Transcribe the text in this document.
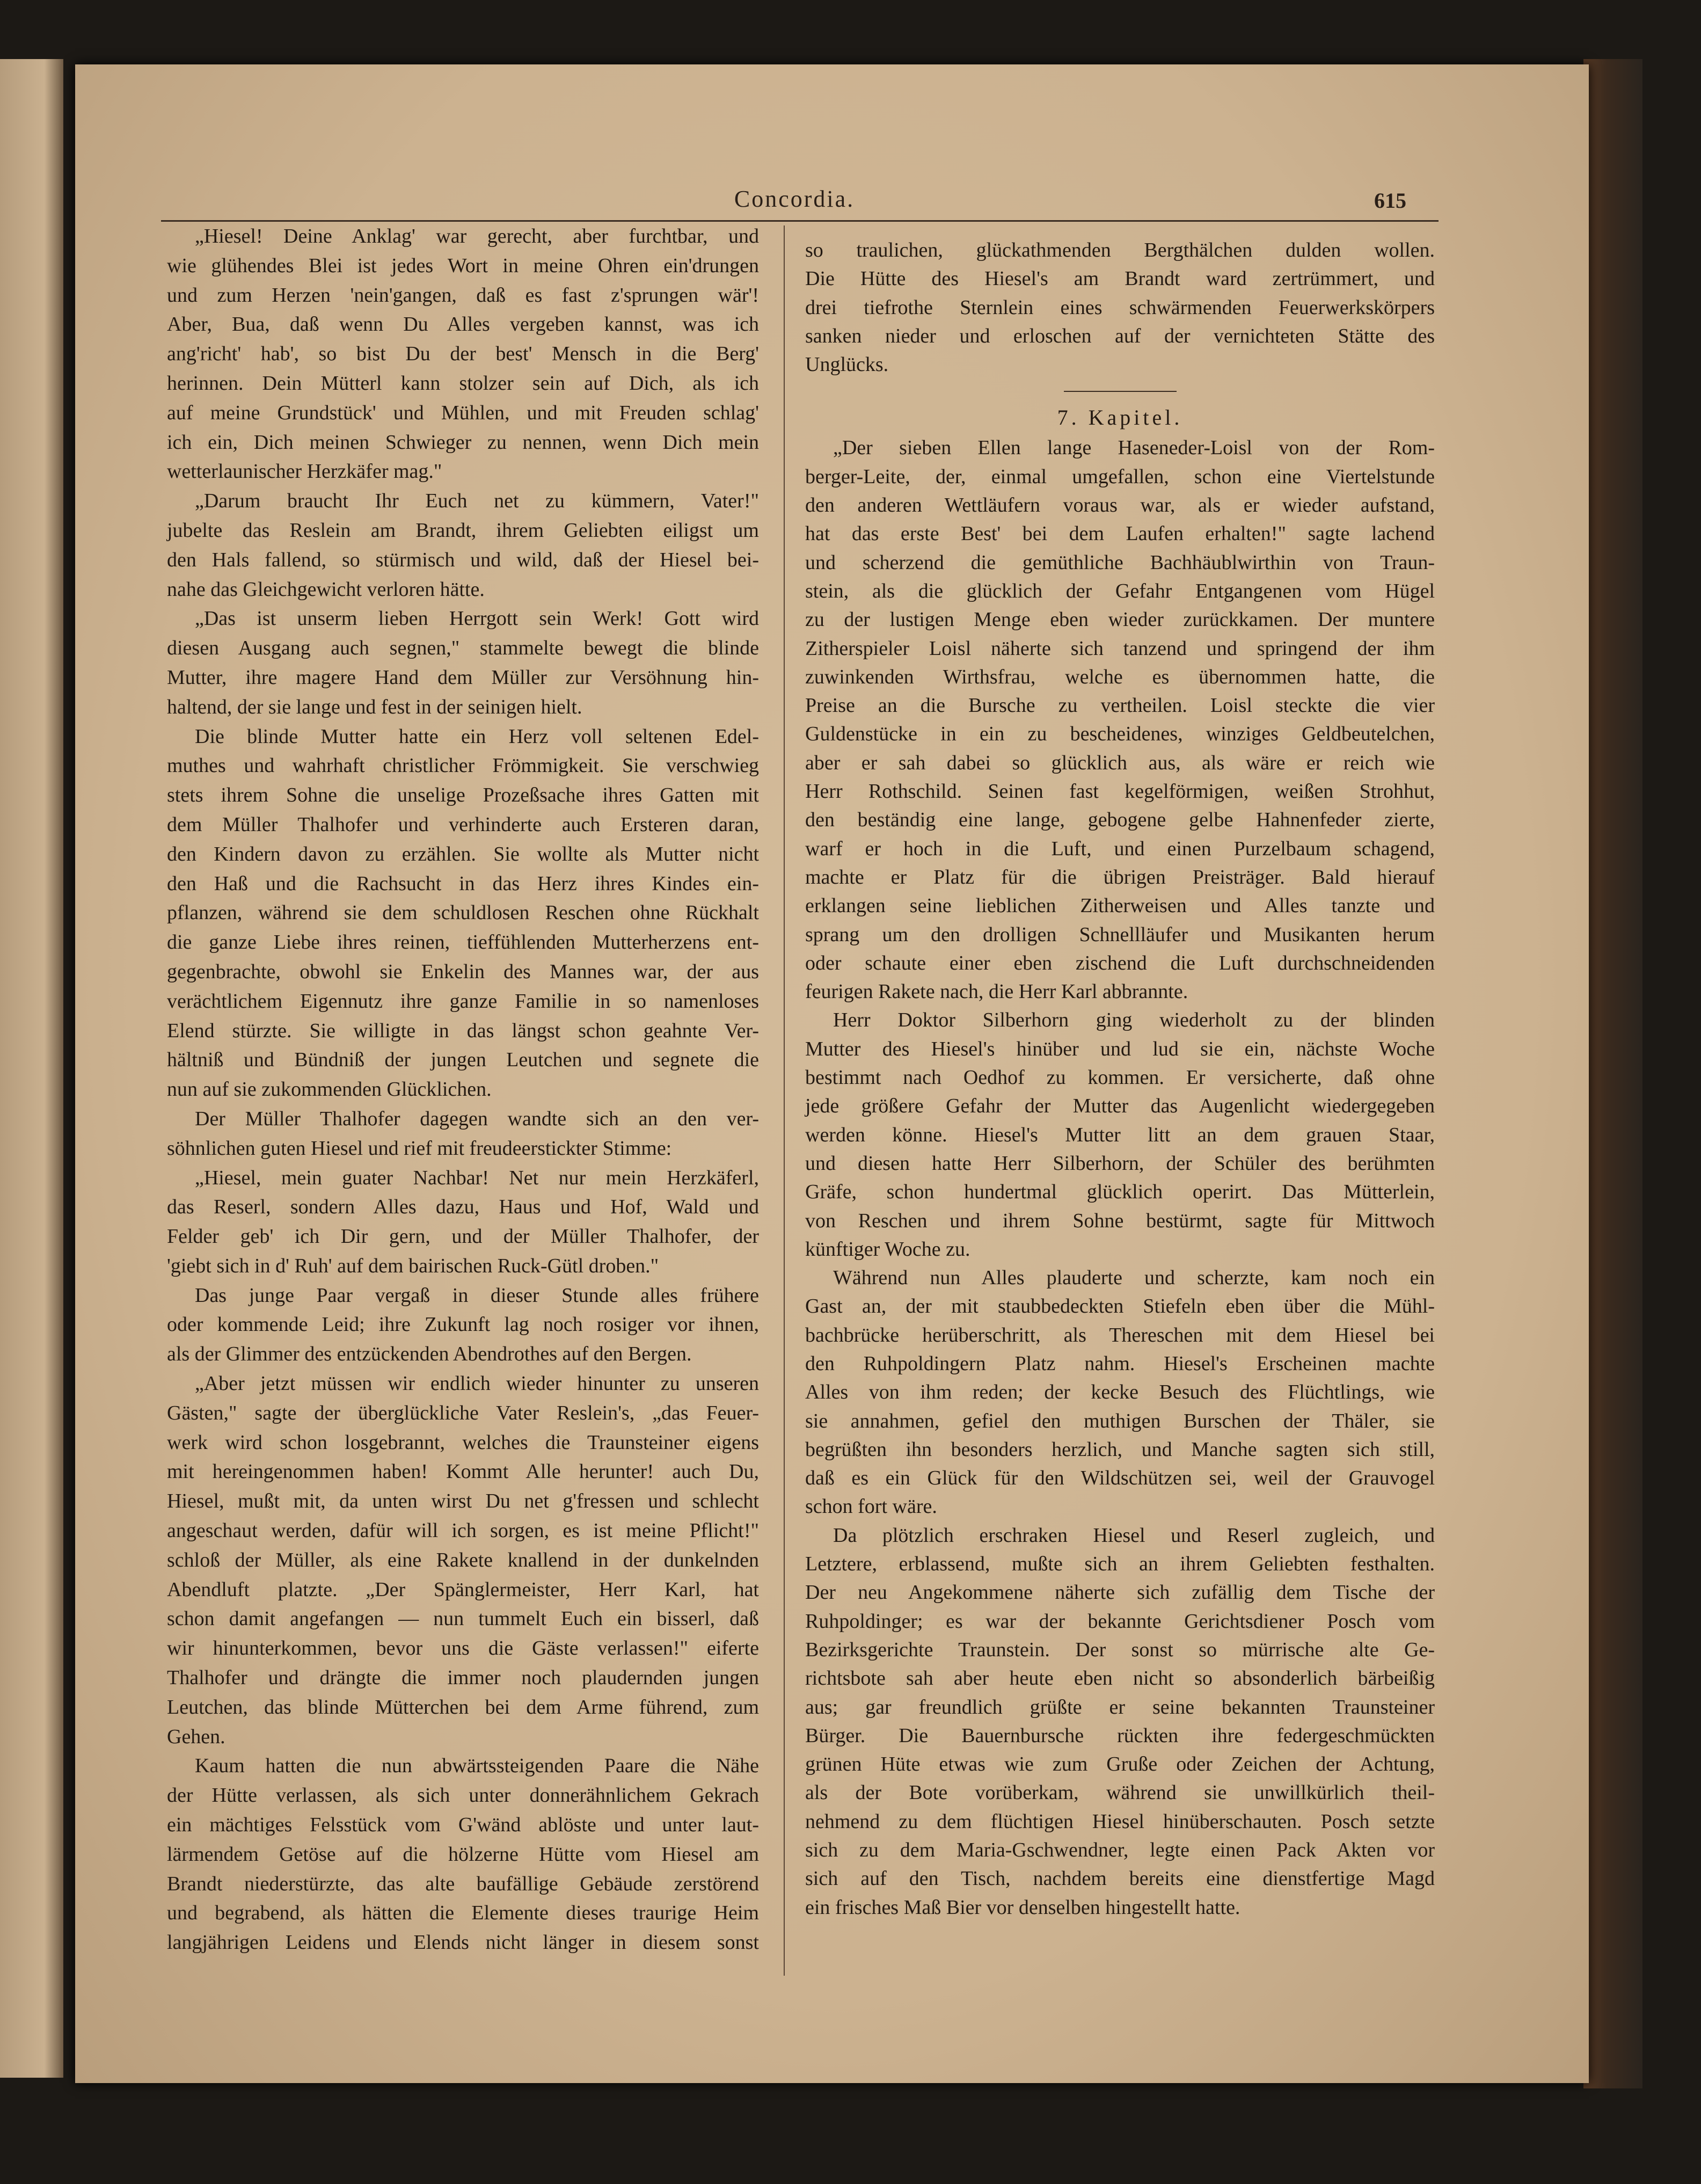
Concordia.	615
„Hiesel! Deine Anklag' war gerecht, aber furchtbar, und
wie glühendes Blei ist jedes Wort in meine Ohren ein'drungen
und zum Herzen 'nein'gangen, daß es fast z'sprungen wär'!
Aber, Bua, daß wenn Du Alles vergeben kannst, was ich
ang'richt' hab', so bist Du der best' Mensch in die Berg'
herinnen. Dein Mütterl kann stolzer sein auf Dich, als ich
auf meine Grundstück' und Mühlen, und mit Freuden schlag'
ich ein, Dich meinen Schwieger zu nennen, wenn Dich mein
wetterlaunischer Herzkäfer mag."
„Darum braucht Ihr Euch net zu kümmern, Vater!"
jubelte das Reslein am Brandt, ihrem Geliebten eiligst um
den Hals fallend, so stürmisch und wild, daß der Hiesel bei-
nahe das Gleichgewicht verloren hätte.
„Das ist unserm lieben Herrgott sein Werk! Gott wird
diesen Ausgang auch segnen," stammelte bewegt die blinde
Mutter, ihre magere Hand dem Müller zur Versöhnung hin-
haltend, der sie lange und fest in der seinigen hielt.
Die blinde Mutter hatte ein Herz voll seltenen Edel-
muthes und wahrhaft christlicher Frömmigkeit. Sie verschwieg
stets ihrem Sohne die unselige Prozeßsache ihres Gatten mit
dem Müller Thalhofer und verhinderte auch Ersteren daran,
den Kindern davon zu erzählen. Sie wollte als Mutter nicht
den Haß und die Rachsucht in das Herz ihres Kindes ein-
pflanzen, während sie dem schuldlosen Reschen ohne Rückhalt
die ganze Liebe ihres reinen, tieffühlenden Mutterherzens ent-
gegenbrachte, obwohl sie Enkelin des Mannes war, der aus
verächtlichem Eigennutz ihre ganze Familie in so namenloses
Elend stürzte. Sie willigte in das längst schon geahnte Ver-
hältniß und Bündniß der jungen Leutchen und segnete die
nun auf sie zukommenden Glücklichen.
Der Müller Thalhofer dagegen wandte sich an den ver-
söhnlichen guten Hiesel und rief mit freudeerstickter Stimme:
„Hiesel, mein guater Nachbar! Net nur mein Herzkäferl,
das Reserl, sondern Alles dazu, Haus und Hof, Wald und
Felder geb' ich Dir gern, und der Müller Thalhofer, der
'giebt sich in d' Ruh' auf dem bairischen Ruck-Gütl droben."
Das junge Paar vergaß in dieser Stunde alles frühere
oder kommende Leid; ihre Zukunft lag noch rosiger vor ihnen,
als der Glimmer des entzückenden Abendrothes auf den Bergen.
„Aber jetzt müssen wir endlich wieder hinunter zu unseren
Gästen," sagte der überglückliche Vater Reslein's, „das Feuer-
werk wird schon losgebrannt, welches die Traunsteiner eigens
mit hereingenommen haben! Kommt Alle herunter! auch Du,
Hiesel, mußt mit, da unten wirst Du net g'fressen und schlecht
angeschaut werden, dafür will ich sorgen, es ist meine Pflicht!"
schloß der Müller, als eine Rakete knallend in der dunkelnden
Abendluft platzte. „Der Spänglermeister, Herr Karl, hat
schon damit angefangen — nun tummelt Euch ein bisserl, daß
wir hinunterkommen, bevor uns die Gäste verlassen!" eiferte
Thalhofer und drängte die immer noch plaudernden jungen
Leutchen, das blinde Mütterchen bei dem Arme führend, zum
Gehen.
Kaum hatten die nun abwärtssteigenden Paare die Nähe
der Hütte verlassen, als sich unter donnerähnlichem Gekrach
ein mächtiges Felsstück vom G'wänd ablöste und unter laut-
lärmendem Getöse auf die hölzerne Hütte vom Hiesel am
Brandt niederstürzte, das alte baufällige Gebäude zerstörend
und begrabend, als hätten die Elemente dieses traurige Heim
langjährigen Leidens und Elends nicht länger in diesem sonst
so traulichen, glückathmenden Bergthälchen dulden wollen.
Die Hütte des Hiesel's am Brandt ward zertrümmert, und
drei tiefrothe Sternlein eines schwärmenden Feuerwerkskörpers
sanken nieder und erloschen auf der vernichteten Stätte des
Unglücks.
7. Kapitel.
„Der sieben Ellen lange Haseneder-Loisl von der Rom-
berger-Leite, der, einmal umgefallen, schon eine Viertelstunde
den anderen Wettläufern voraus war, als er wieder aufstand,
hat das erste Best' bei dem Laufen erhalten!" sagte lachend
und scherzend die gemüthliche Bachhäublwirthin von Traun-
stein, als die glücklich der Gefahr Entgangenen vom Hügel
zu der lustigen Menge eben wieder zurückkamen. Der muntere
Zitherspieler Loisl näherte sich tanzend und springend der ihm
zuwinkenden Wirthsfrau, welche es übernommen hatte, die
Preise an die Bursche zu vertheilen. Loisl steckte die vier
Guldenstücke in ein zu bescheidenes, winziges Geldbeutelchen,
aber er sah dabei so glücklich aus, als wäre er reich wie
Herr Rothschild. Seinen fast kegelförmigen, weißen Strohhut,
den beständig eine lange, gebogene gelbe Hahnenfeder zierte,
warf er hoch in die Luft, und einen Purzelbaum schagend,
machte er Platz für die übrigen Preisträger. Bald hierauf
erklangen seine lieblichen Zitherweisen und Alles tanzte und
sprang um den drolligen Schnellläufer und Musikanten herum
oder schaute einer eben zischend die Luft durchschneidenden
feurigen Rakete nach, die Herr Karl abbrannte.
Herr Doktor Silberhorn ging wiederholt zu der blinden
Mutter des Hiesel's hinüber und lud sie ein, nächste Woche
bestimmt nach Oedhof zu kommen. Er versicherte, daß ohne
jede größere Gefahr der Mutter das Augenlicht wiedergegeben
werden könne. Hiesel's Mutter litt an dem grauen Staar,
und diesen hatte Herr Silberhorn, der Schüler des berühmten
Gräfe, schon hundertmal glücklich operirt. Das Mütterlein,
von Reschen und ihrem Sohne bestürmt, sagte für Mittwoch
künftiger Woche zu.
Während nun Alles plauderte und scherzte, kam noch ein
Gast an, der mit staubbedeckten Stiefeln eben über die Mühl-
bachbrücke herüberschritt, als Thereschen mit dem Hiesel bei
den Ruhpoldingern Platz nahm. Hiesel's Erscheinen machte
Alles von ihm reden; der kecke Besuch des Flüchtlings, wie
sie annahmen, gefiel den muthigen Burschen der Thäler, sie
begrüßten ihn besonders herzlich, und Manche sagten sich still,
daß es ein Glück für den Wildschützen sei, weil der Grauvogel
schon fort wäre.
Da plötzlich erschraken Hiesel und Reserl zugleich, und
Letztere, erblassend, mußte sich an ihrem Geliebten festhalten.
Der neu Angekommene näherte sich zufällig dem Tische der
Ruhpoldinger; es war der bekannte Gerichtsdiener Posch vom
Bezirksgerichte Traunstein. Der sonst so mürrische alte Ge-
richtsbote sah aber heute eben nicht so absonderlich bärbeißig
aus; gar freundlich grüßte er seine bekannten Traunsteiner
Bürger. Die Bauernbursche rückten ihre federgeschmückten
grünen Hüte etwas wie zum Gruße oder Zeichen der Achtung,
als der Bote vorüberkam, während sie unwillkürlich theil-
nehmend zu dem flüchtigen Hiesel hinüberschauten. Posch setzte
sich zu dem Maria-Gschwendner, legte einen Pack Akten vor
sich auf den Tisch, nachdem bereits eine dienstfertige Magd
ein frisches Maß Bier vor denselben hingestellt hatte.
